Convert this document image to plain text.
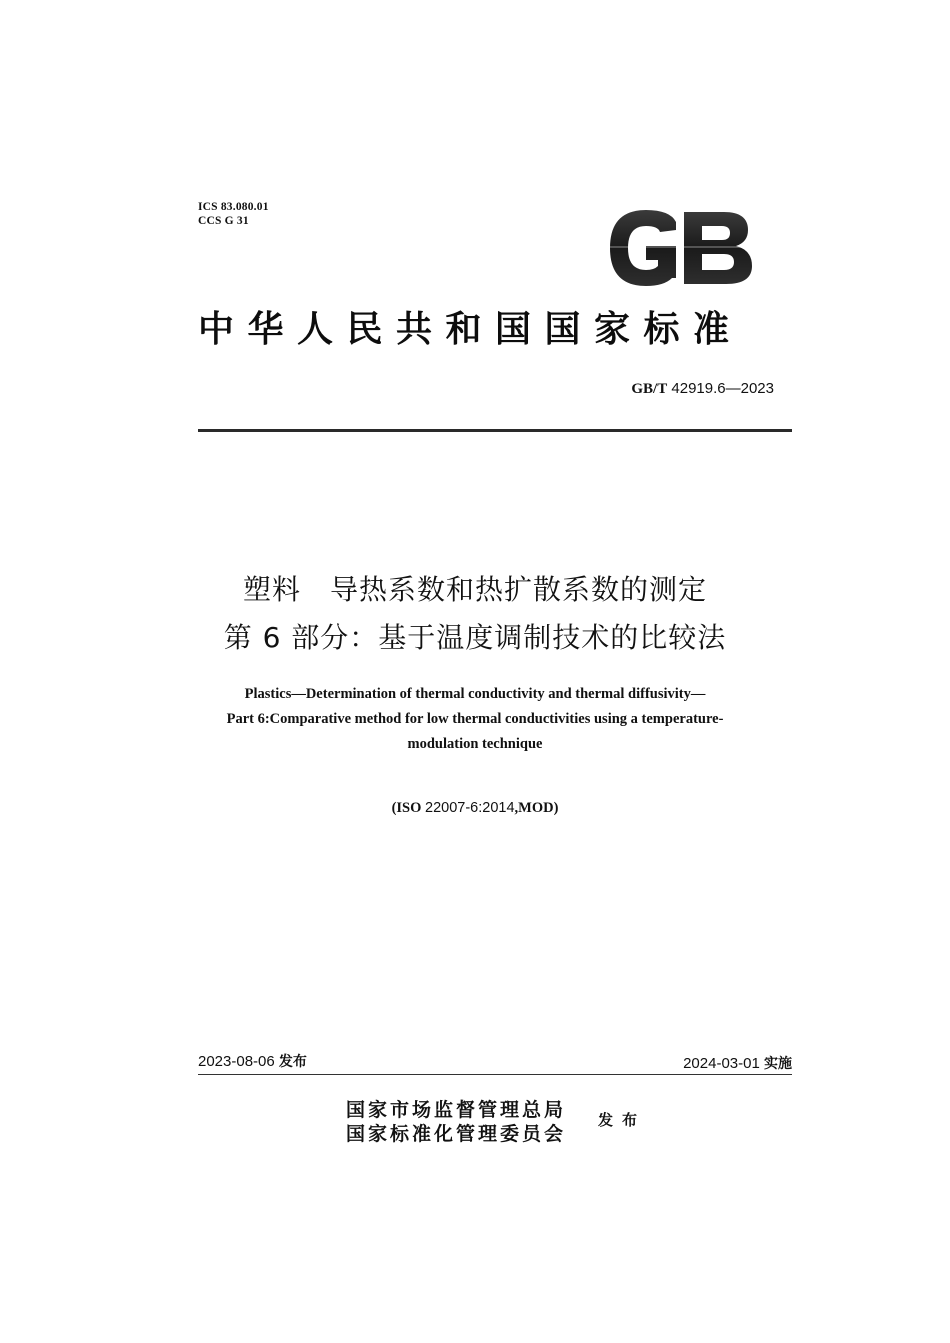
ICS 83.080.01
CCS G 31
中华人民共和国国家标准
GB/T 42919.6—2023
塑料　导热系数和热扩散系数的测定
第 6 部分：基于温度调制技术的比较法
Plastics—Determination of thermal conductivity and thermal diffusivity—
Part 6:Comparative method for low thermal conductivities using a temperature-
modulation technique
(ISO 22007-6:2014,MOD)
2023-08-06 发布	2024-03-01 实施
国家市场监督管理总局
国家标准化管理委员会
发布
